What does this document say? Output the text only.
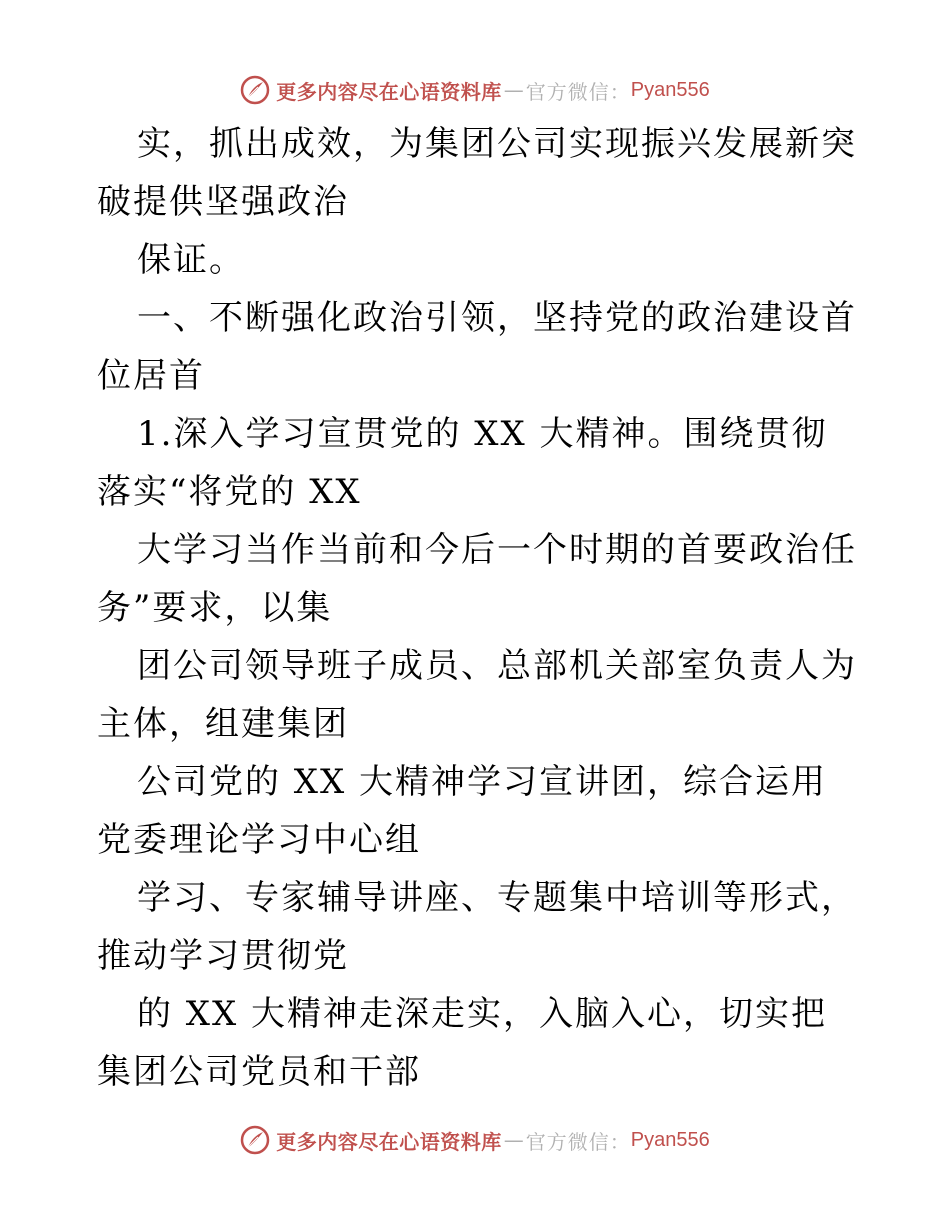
更多内容尽在心语资料库 — 官方微信： Pyan556

实，抓出成效，为集团公司实现振兴发展新突破提供坚强政治

保证。

一、不断强化政治引领，坚持党的政治建设首位居首

1.深入学习宣贯党的 XX 大精神。围绕贯彻落实“将党的 XX

大学习当作当前和今后一个时期的首要政治任务”要求，以集

团公司领导班子成员、总部机关部室负责人为主体，组建集团

公司党的 XX 大精神学习宣讲团，综合运用党委理论学习中心组

学习、专家辅导讲座、专题集中培训等形式，推动学习贯彻党

的 XX 大精神走深走实，入脑入心，切实把集团公司党员和干部

更多内容尽在心语资料库 — 官方微信： Pyan556
